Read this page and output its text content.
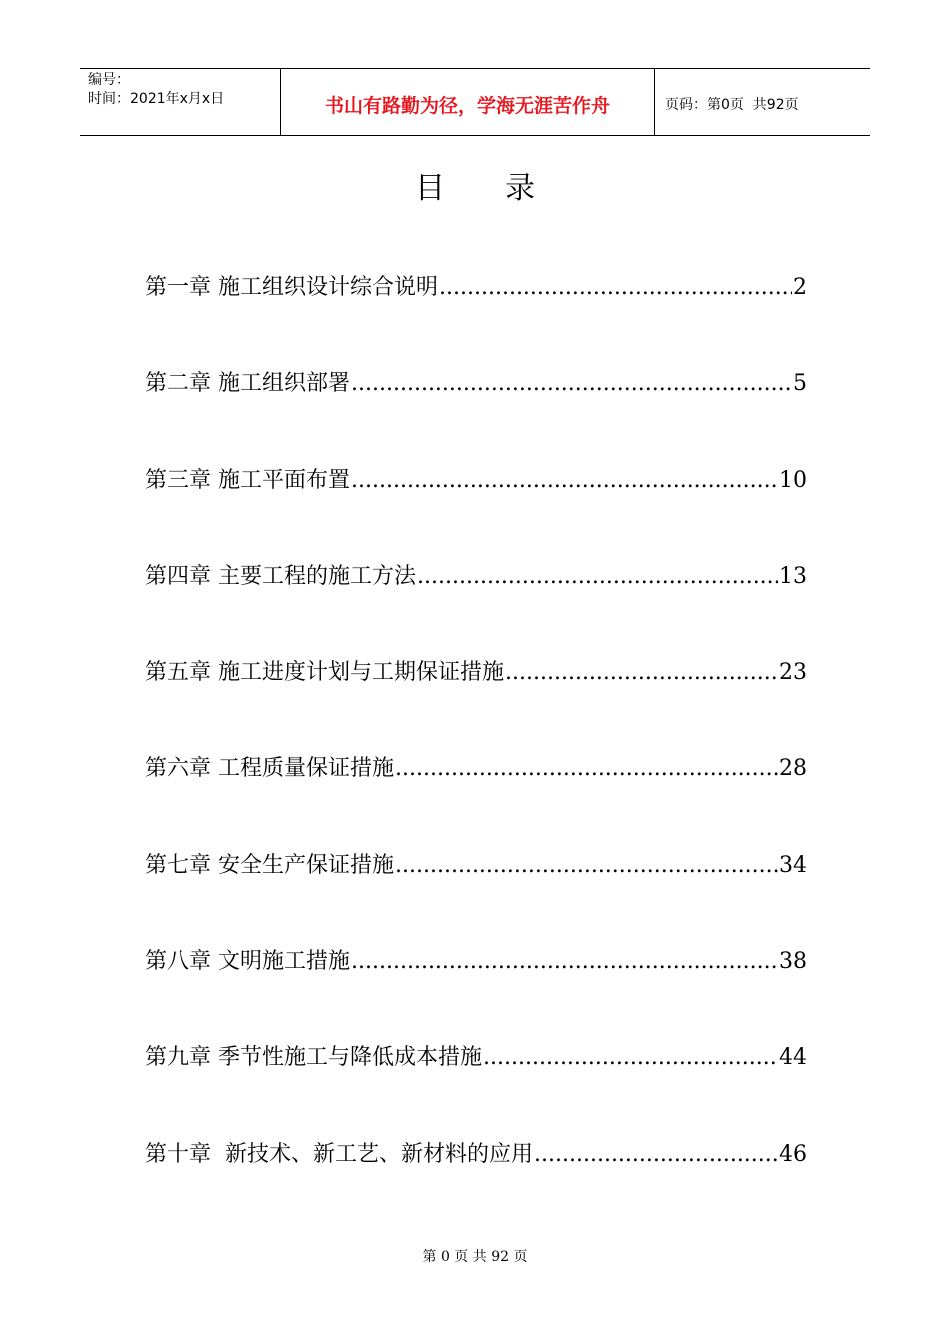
编号：
时间：2021年x月x日	书山有路勤为径，学海无涯苦作舟	页码：第0页  共92页
目录
第一章 施工组织设计综合说明 .....	2
第二章 施工组织部署 .....	5
第三章 施工平面布置 .....	10
第四章 主要工程的施工方法 .....	13
第五章 施工进度计划与工期保证措施 .....	23
第六章 工程质量保证措施 .....	28
第七章 安全生产保证措施 .....	34
第八章 文明施工措施 .....	38
第九章 季节性施工与降低成本措施 .....	44
第十章 新技术、新工艺、新材料的应用 .....	46
第 0 页 共 92 页
